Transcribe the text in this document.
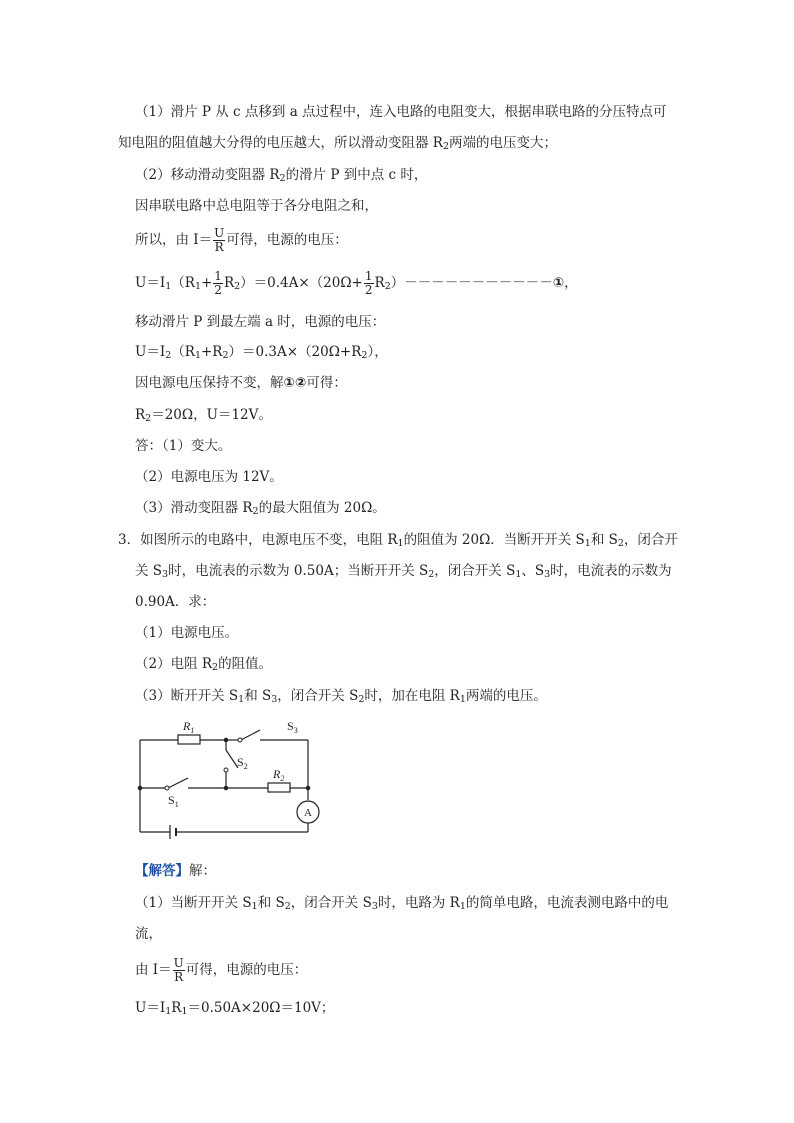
（1）滑片 P 从 c 点移到 a 点过程中，连入电路的电阻变大，根据串联电路的分压特点可
知电阻的阻值越大分得的电压越大，所以滑动变阻器 $R_2$两端的电压变大；
（2）移动滑动变阻器 $R_2$的滑片 P 到中点 c 时，
因串联电路中总电阻等于各分电阻之和，
所以，由 $I= \frac{U}{R}$ 可得，电源的电压：
$U=I_1(R_1+ \frac{1}{2} R_2)=0.4A\times(20\Omega+ \frac{1}{2}$ $R_2)-----------①$，
移动滑片 P 到最左端 a 时，电源的电压：
$U=I_2(R_1+R_2)=0.3A\times(20\Omega+R_2)$，
因电源电压保持不变，解①②可得：
$R_2=20\Omega$，U＝12V。
答：（1）变大。
（2）电源电压为 12V。
（3）滑动变阻器 $R_2$的最大阻值为 20Ω。
3．如图所示的电路中，电源电压不变，电阻 $R_1$的阻值为 20Ω．当断开开关 $S_1$和 $S_2$，闭合开
关 $S_3$时，电流表的示数为 0.50A；当断开开关 $S_2$，闭合开关 $S_1$、$S_3$时，电流表的示数为
0.90A．求：
（1）电源电压。
（2）电阻 $R_2$的阻值。
（3）断开开关 $S_1$和 $S_3$，闭合开关 $S_2$时，加在电阻 $R_1$两端的电压。
$R_1$	$S_3$
$S_2$
$R_2$
$S_1$
A
【解答】解：
（1）当断开开关 $S_1$和 $S_2$，闭合开关 $S_3$时，电路为 $R_1$的简单电路，电流表测电路中的电
流，
由 $I= \frac{U}{R}$ 可得，电源的电压：
$U=I_1R_1=0.50A\times 20\Omega=10V$；
